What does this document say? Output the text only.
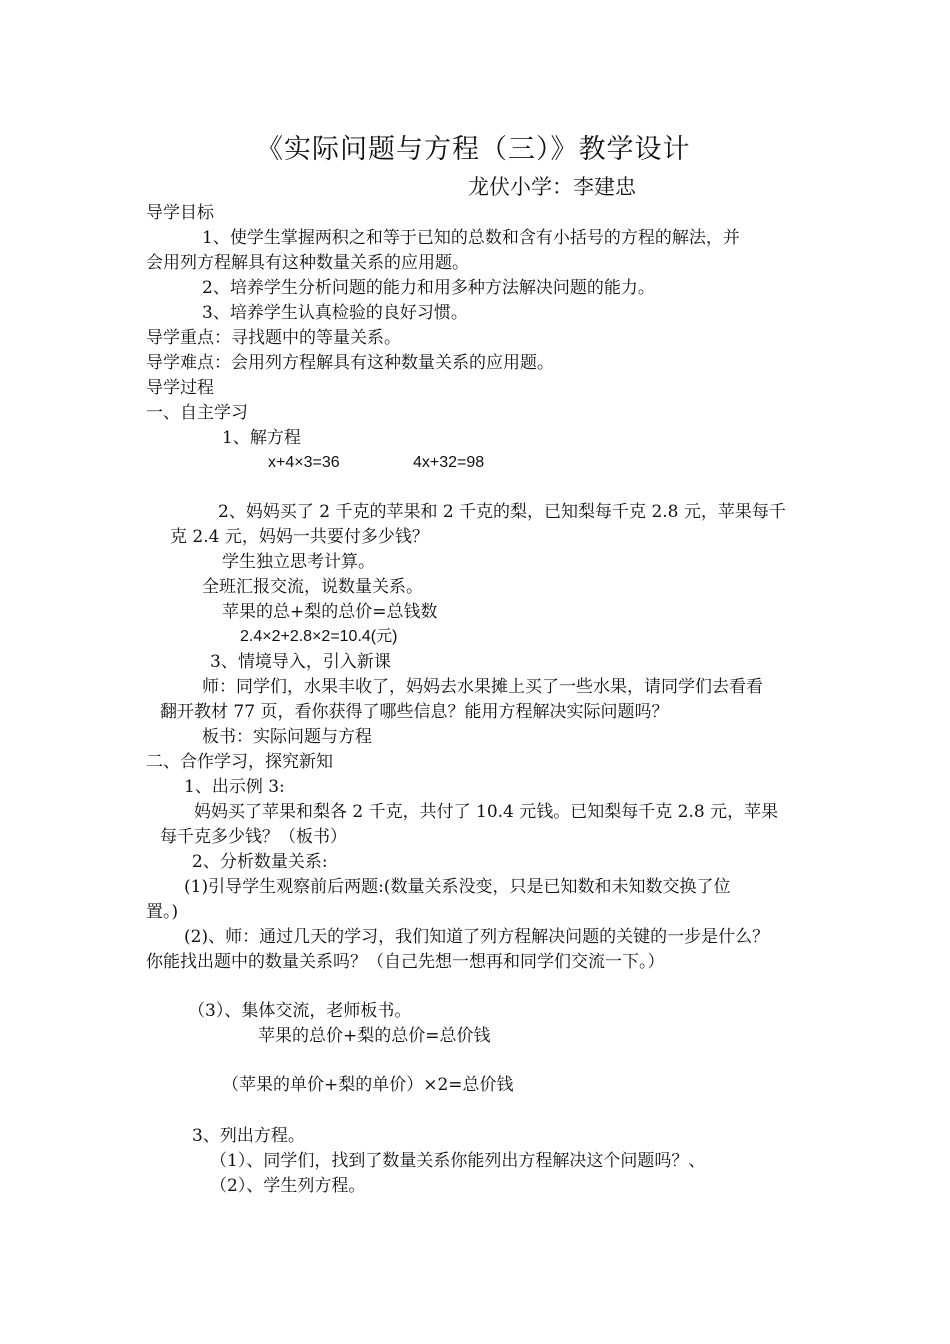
《实际问题与方程（三）》教学设计
龙伏小学：李建忠
导学目标
1、使学生掌握两积之和等于已知的总数和含有小括号的方程的解法，并
会用列方程解具有这种数量关系的应用题。
2、培养学生分析问题的能力和用多种方法解决问题的能力。
3、培养学生认真检验的良好习惯。
导学重点：寻找题中的等量关系。
导学难点：会用列方程解具有这种数量关系的应用题。
导学过程
一、自主学习
1、解方程
x+4×3=36	4x+32=98
2、妈妈买了 2 千克的苹果和 2 千克的梨，已知梨每千克 2.8 元，苹果每千
克 2.4 元，妈妈一共要付多少钱？
学生独立思考计算。
全班汇报交流，说数量关系。
苹果的总+梨的总价=总钱数
2.4×2+2.8×2=10.4(元)
3、情境导入，引入新课
师：同学们，水果丰收了，妈妈去水果摊上买了一些水果，请同学们去看看
翻开教材 77 页，看你获得了哪些信息？能用方程解决实际问题吗？
板书：实际问题与方程
二、合作学习，探究新知
1、出示例 3:
妈妈买了苹果和梨各 2 千克，共付了 10.4 元钱。已知梨每千克 2.8 元，苹果
每千克多少钱？（板书）
2、分析数量关系:
(1)引导学生观察前后两题:(数量关系没变，只是已知数和未知数交换了位
置。)
(2)、师：通过几天的学习，我们知道了列方程解决问题的关键的一步是什么？
你能找出题中的数量关系吗？（自己先想一想再和同学们交流一下。）
（3）、集体交流，老师板书。
苹果的总价+梨的总价=总价钱
（苹果的单价+梨的单价）×2=总价钱
3、列出方程。
（1）、同学们，找到了数量关系你能列出方程解决这个问题吗？、
（2）、学生列方程。
